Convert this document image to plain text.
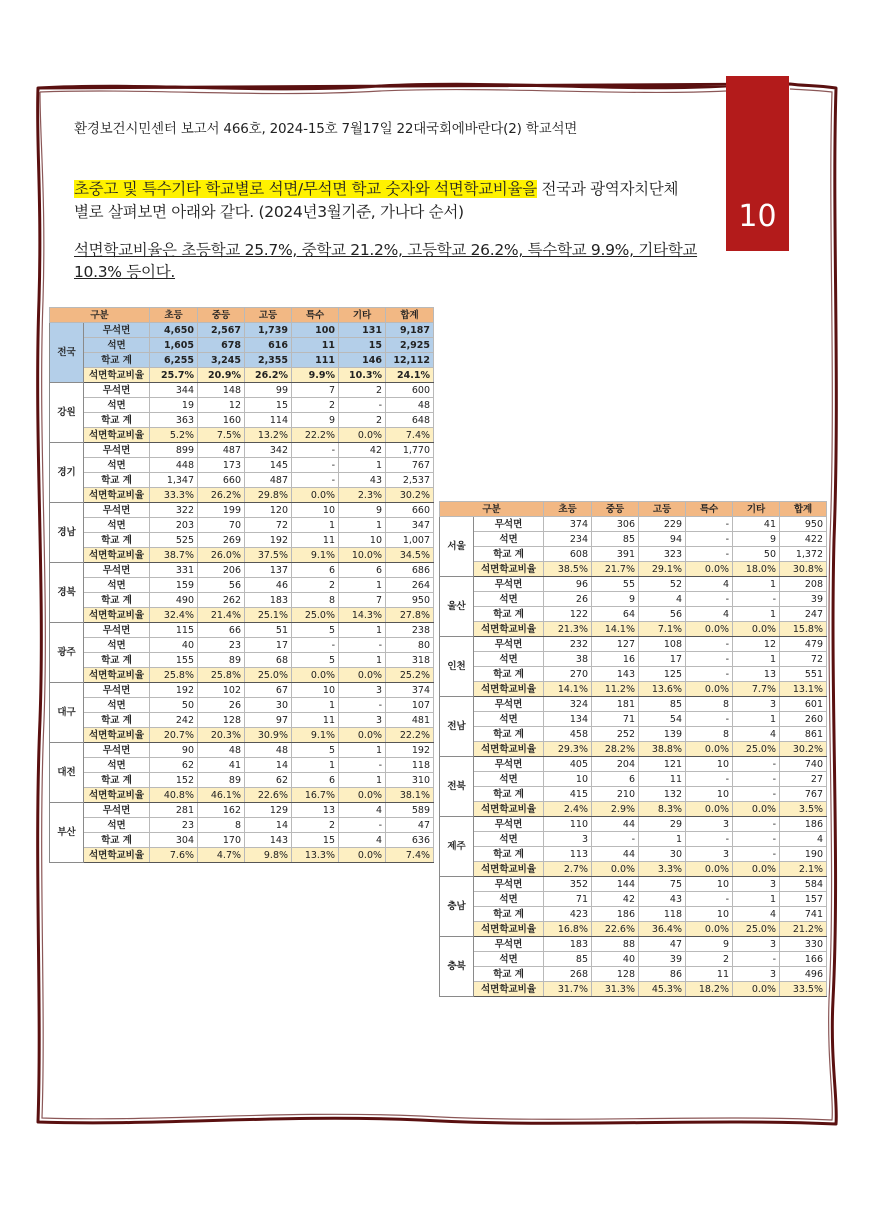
10
환경보건시민센터 보고서 466호, 2024-15호 7월17일 22대국회에바란다(2) 학교석면
초중고 및 특수기타 학교별로 석면/무석면 학교 숫자와 석면학교비율을 전국과 광역자치단체별로 살펴보면 아래와 같다. (2024년3월기준, 가나다 순서)
석면학교비율은 초등학교 25.7%, 중학교 21.2%, 고등학교 26.2%, 특수학교 9.9%, 기타학교 10.3% 등이다.
구분		초등	중등	고등	특수	기타	합계
전국	무석면	4,650	2,567	1,739	100	131	9,187
	석면	1,605	678	616	11	15	2,925
	학교 계	6,255	3,245	2,355	111	146	12,112
	석면학교비율	25.7%	20.9%	26.2%	9.9%	10.3%	24.1%
강원	무석면	344	148	99	7	2	600
	석면	19	12	15	2	-	48
	학교 계	363	160	114	9	2	648
	석면학교비율	5.2%	7.5%	13.2%	22.2%	0.0%	7.4%
경기	무석면	899	487	342	-	42	1,770
	석면	448	173	145	-	1	767
	학교 계	1,347	660	487	-	43	2,537
	석면학교비율	33.3%	26.2%	29.8%	0.0%	2.3%	30.2%
경남	무석면	322	199	120	10	9	660
	석면	203	70	72	1	1	347
	학교 계	525	269	192	11	10	1,007
	석면학교비율	38.7%	26.0%	37.5%	9.1%	10.0%	34.5%
경북	무석면	331	206	137	6	6	686
	석면	159	56	46	2	1	264
	학교 계	490	262	183	8	7	950
	석면학교비율	32.4%	21.4%	25.1%	25.0%	14.3%	27.8%
광주	무석면	115	66	51	5	1	238
	석면	40	23	17	-	-	80
	학교 계	155	89	68	5	1	318
	석면학교비율	25.8%	25.8%	25.0%	0.0%	0.0%	25.2%
대구	무석면	192	102	67	10	3	374
	석면	50	26	30	1	-	107
	학교 계	242	128	97	11	3	481
	석면학교비율	20.7%	20.3%	30.9%	9.1%	0.0%	22.2%
대전	무석면	90	48	48	5	1	192
	석면	62	41	14	1	-	118
	학교 계	152	89	62	6	1	310
	석면학교비율	40.8%	46.1%	22.6%	16.7%	0.0%	38.1%
부산	무석면	281	162	129	13	4	589
	석면	23	8	14	2	-	47
	학교 계	304	170	143	15	4	636
	석면학교비율	7.6%	4.7%	9.8%	13.3%	0.0%	7.4%
구분		초등	중등	고등	특수	기타	합계
서울	무석면	374	306	229	-	41	950
	석면	234	85	94	-	9	422
	학교 계	608	391	323	-	50	1,372
	석면학교비율	38.5%	21.7%	29.1%	0.0%	18.0%	30.8%
울산	무석면	96	55	52	4	1	208
	석면	26	9	4	-	-	39
	학교 계	122	64	56	4	1	247
	석면학교비율	21.3%	14.1%	7.1%	0.0%	0.0%	15.8%
인천	무석면	232	127	108	-	12	479
	석면	38	16	17	-	1	72
	학교 계	270	143	125	-	13	551
	석면학교비율	14.1%	11.2%	13.6%	0.0%	7.7%	13.1%
전남	무석면	324	181	85	8	3	601
	석면	134	71	54	-	1	260
	학교 계	458	252	139	8	4	861
	석면학교비율	29.3%	28.2%	38.8%	0.0%	25.0%	30.2%
전북	무석면	405	204	121	10	-	740
	석면	10	6	11	-	-	27
	학교 계	415	210	132	10	-	767
	석면학교비율	2.4%	2.9%	8.3%	0.0%	0.0%	3.5%
제주	무석면	110	44	29	3	-	186
	석면	3	-	1	-	-	4
	학교 계	113	44	30	3	-	190
	석면학교비율	2.7%	0.0%	3.3%	0.0%	0.0%	2.1%
충남	무석면	352	144	75	10	3	584
	석면	71	42	43	-	1	157
	학교 계	423	186	118	10	4	741
	석면학교비율	16.8%	22.6%	36.4%	0.0%	25.0%	21.2%
충북	무석면	183	88	47	9	3	330
	석면	85	40	39	2	-	166
	학교 계	268	128	86	11	3	496
	석면학교비율	31.7%	31.3%	45.3%	18.2%	0.0%	33.5%
